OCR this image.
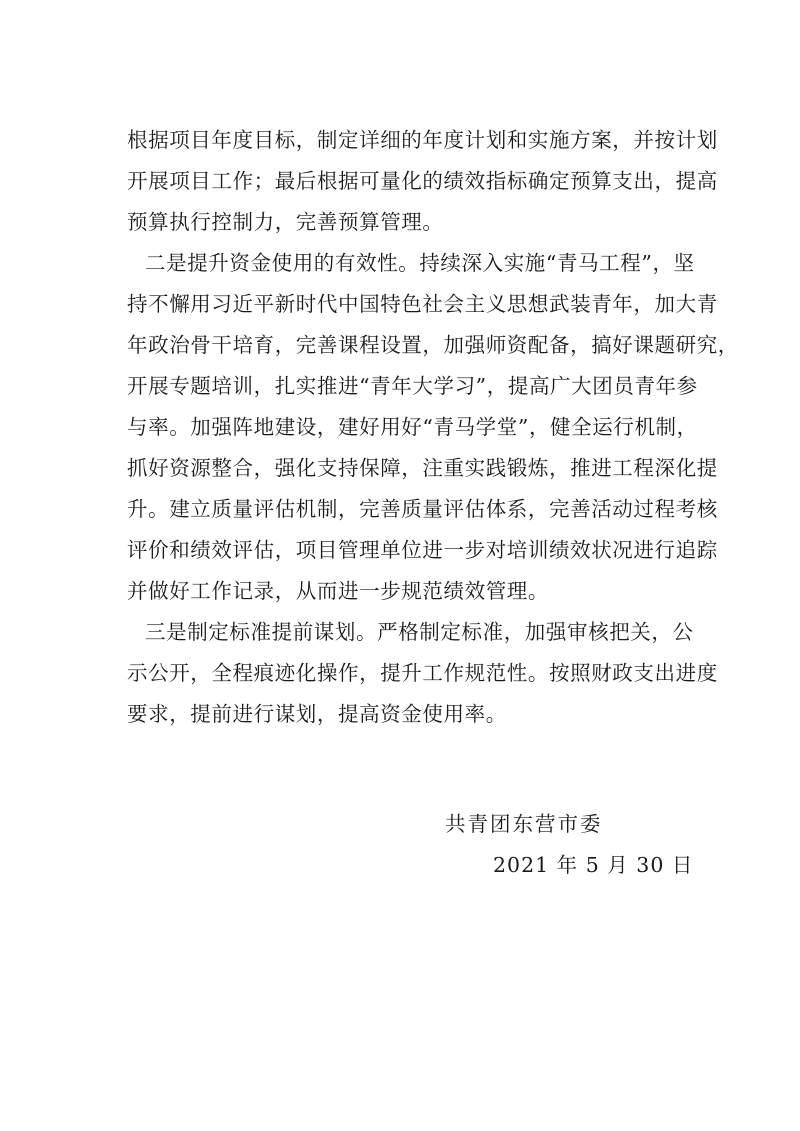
根据项目年度目标，制定详细的年度计划和实施方案，并按计划
开展项目工作；最后根据可量化的绩效指标确定预算支出，提高
预算执行控制力，完善预算管理。
二是提升资金使用的有效性。持续深入实施“青马工程”，坚
持不懈用习近平新时代中国特色社会主义思想武装青年，加大青
年政治骨干培育，完善课程设置，加强师资配备，搞好课题研究，
开展专题培训，扎实推进“青年大学习”，提高广大团员青年参
与率。加强阵地建设，建好用好“青马学堂”，健全运行机制，
抓好资源整合，强化支持保障，注重实践锻炼，推进工程深化提
升。建立质量评估机制，完善质量评估体系，完善活动过程考核
评价和绩效评估，项目管理单位进一步对培训绩效状况进行追踪
并做好工作记录，从而进一步规范绩效管理。
三是制定标准提前谋划。严格制定标准，加强审核把关，公
示公开，全程痕迹化操作，提升工作规范性。按照财政支出进度
要求，提前进行谋划，提高资金使用率。
共青团东营市委
2021 年 5 月 30 日
